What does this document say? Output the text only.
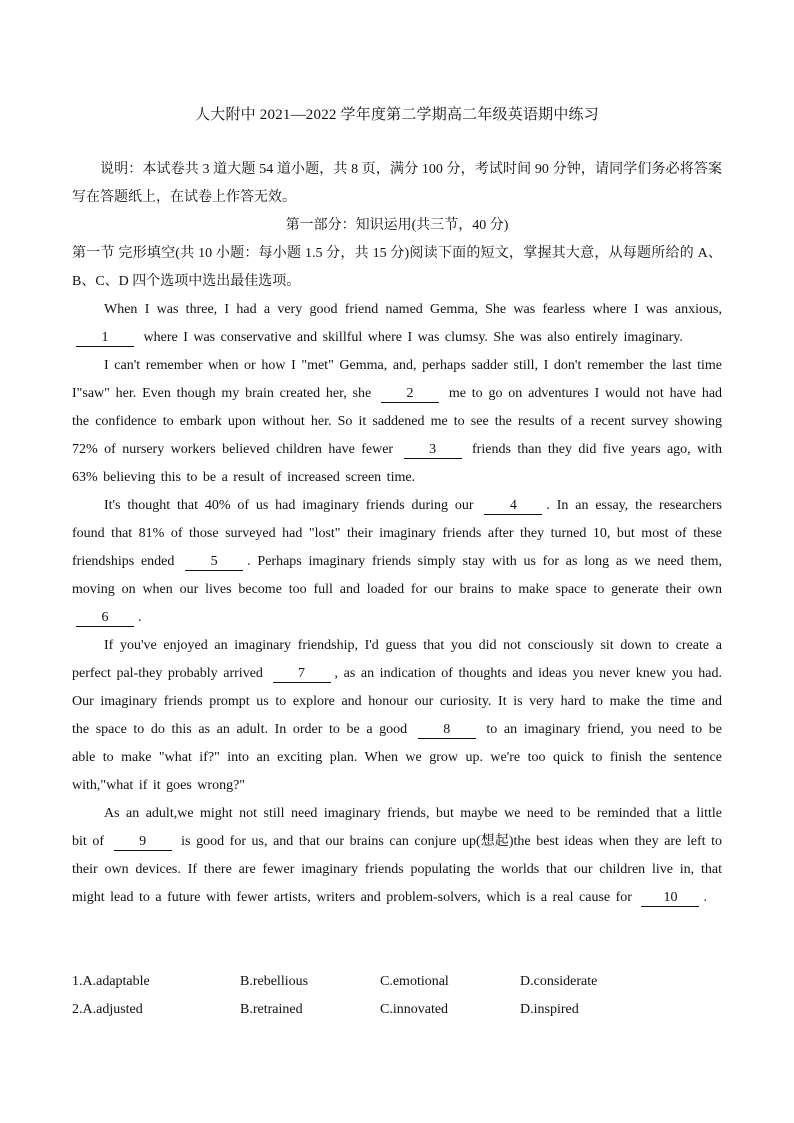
人大附中 2021—2022 学年度第二学期高二年级英语期中练习
说明：本试卷共 3 道大题 54 道小题，共 8 页，满分 100 分，考试时间 90 分钟，请同学们务必将答案写在答题纸上，在试卷上作答无效。
第一部分：知识运用(共三节，40 分)
第一节 完形填空(共 10 小题：每小题 1.5 分，共 15 分)阅读下面的短文，掌握其大意，从每题所给的 A、B、C、D 四个选项中选出最佳选项。

When I was three, I had a very good friend named Gemma, She was fearless where I was anxious, 1	where I was conservative and skillful where I was clumsy. She was also entirely imaginary.

I can't remember when or how I "met" Gemma, and, perhaps sadder still, I don't remember the last time I"saw" her. Even though my brain created her, she	2	me to go on adventures I would not have had the confidence to embark upon without her. So it saddened me to see the results of a recent survey showing 72% of nursery workers believed children have fewer	3	friends than they did five years ago, with 63% believing this to be a result of increased screen time.

It's thought that 40% of us had imaginary friends during our	4 . In an essay, the researchers found that 81% of those surveyed had "lost" their imaginary friends after they turned 10, but most of these friendships ended	5 . Perhaps imaginary friends simply stay with us for as long as we need them, moving on when our lives become too full and loaded for our brains to make space to generate their own 6 .

If you've enjoyed an imaginary friendship, I'd guess that you did not consciously sit down to create a perfect pal-they probably arrived	7 , as an indication of thoughts and ideas you never knew you had. Our imaginary friends prompt us to explore and honour our curiosity. It is very hard to make the time and the space to do this as an adult. In order to be a good	8	to an imaginary friend, you need to be able to make "what if?" into an exciting plan. When we grow up. we're too quick to finish the sentence with,"what if it goes wrong?"

As an adult,we might not still need imaginary friends, but maybe we need to be reminded that a little bit of	9	is good for us, and that our brains can conjure up(想起)the best ideas when they are left to their own devices. If there are fewer imaginary friends populating the worlds that our children live in, that might lead to a future with fewer artists, writers and problem-solvers, which is a real cause for 10 .

1.A.adaptable	B.rebellious	C.emotional	D.considerate
2.A.adjusted	B.retrained	C.innovated	D.inspired
